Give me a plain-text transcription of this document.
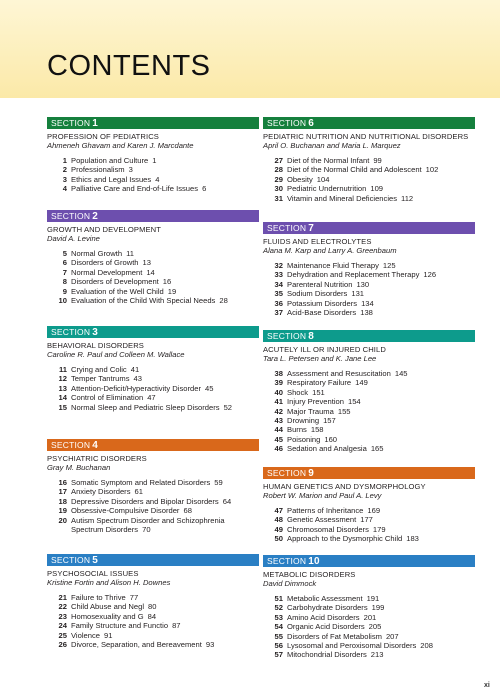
CONTENTS
SECTION 1
PROFESSION OF PEDIATRICS
Ahmeneh Ghavam and Karen J. Marcdante
1 Population and Culture 1
2 Professionalism 3
3 Ethics and Legal Issues 4
4 Palliative Care and End-of-Life Issues 6
SECTION 2
GROWTH AND DEVELOPMENT
David A. Levine
5 Normal Growth 11
6 Disorders of Growth 13
7 Normal Development 14
8 Disorders of Development 16
9 Evaluation of the Well Child 19
10 Evaluation of the Child With Special Needs 28
SECTION 3
BEHAVIORAL DISORDERS
Caroline R. Paul and Colleen M. Wallace
11 Crying and Colic 41
12 Temper Tantrums 43
13 Attention-Deficit/Hyperactivity Disorder 45
14 Control of Elimination 47
15 Normal Sleep and Pediatric Sleep Disorders 52
SECTION 4
PSYCHIATRIC DISORDERS
Gray M. Buchanan
16 Somatic Symptom and Related Disorders 59
17 Anxiety Disorders 61
18 Depressive Disorders and Bipolar Disorders 64
19 Obsessive-Compulsive Disorder 68
20 Autism Spectrum Disorder and Schizophrenia Spectrum Disorders 70
SECTION 5
PSYCHOSOCIAL ISSUES
Kristine Fortin and Alison H. Downes
21 Failure to Thrive 77
22 Child Abuse and Negl 80
23 Homosexuality and G 84
24 Family Structure and Functio 87
25 Violence 91
26 Divorce, Separation, and Bereavement 93
SECTION 6
PEDIATRIC NUTRITION AND NUTRITIONAL DISORDERS
April O. Buchanan and Maria L. Marquez
27 Diet of the Normal Infant 99
28 Diet of the Normal Child and Adolescent 102
29 Obesity 104
30 Pediatric Undernutrition 109
31 Vitamin and Mineral Deficiencies 112
SECTION 7
FLUIDS AND ELECTROLYTES
Alana M. Karp and Larry A. Greenbaum
32 Maintenance Fluid Therapy 125
33 Dehydration and Replacement Therapy 126
34 Parenteral Nutrition 130
35 Sodium Disorders 131
36 Potassium Disorders 134
37 Acid-Base Disorders 138
SECTION 8
ACUTELY ILL OR INJURED CHILD
Tara L. Petersen and K. Jane Lee
38 Assessment and Resuscitation 145
39 Respiratory Failure 149
40 Shock 151
41 Injury Prevention 154
42 Major Trauma 155
43 Drowning 157
44 Burns 158
45 Poisoning 160
46 Sedation and Analgesia 165
SECTION 9
HUMAN GENETICS AND DYSMORPHOLOGY
Robert W. Marion and Paul A. Levy
47 Patterns of Inheritance 169
48 Genetic Assessment 177
49 Chromosomal Disorders 179
50 Approach to the Dysmorphic Child 183
SECTION 10
METABOLIC DISORDERS
David Dimmock
51 Metabolic Assessment 191
52 Carbohydrate Disorders 199
53 Amino Acid Disorders 201
54 Organic Acid Disorders 205
55 Disorders of Fat Metabolism 207
56 Lysosomal and Peroxisomal Disorders 208
57 Mitochondrial Disorders 213
xi
